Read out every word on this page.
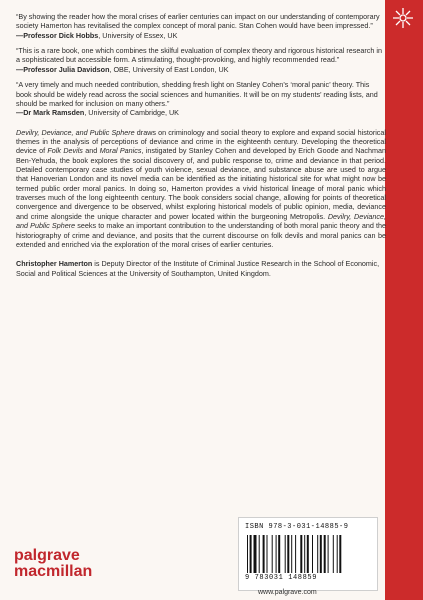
“By showing the reader how the moral crises of earlier centuries can impact on our understanding of contemporary society Hamerton has revitalised the complex concept of moral panic. Stan Cohen would have been impressed.”
—Professor Dick Hobbs, University of Essex, UK
“This is a rare book, one which combines the skilful evaluation of complex theory and rigorous historical research in a sophisticated but accessible form. A stimulating, thought-provoking, and highly recommended read.”
—Professor Julia Davidson, OBE, University of East London, UK
“A very timely and much needed contribution, shedding fresh light on Stanley Cohen’s ‘moral panic’ theory. This book should be widely read across the social sciences and humanities. It will be on my students’ reading lists, and should be marked for inclusion on many others.”
—Dr Mark Ramsden, University of Cambridge, UK
Devilry, Deviance, and Public Sphere draws on criminology and social theory to explore and expand social historical themes in the analysis of perceptions of deviance and crime in the eighteenth century. Developing the theoretical device of Folk Devils and Moral Panics, instigated by Stanley Cohen and developed by Erich Goode and Nachman Ben-Yehuda, the book explores the social discovery of, and public response to, crime and deviance in that period. Detailed contemporary case studies of youth violence, sexual deviance, and substance abuse are used to argue that Hanoverian London and its novel media can be identified as the initiating historical site for what might now be termed public order moral panics. In doing so, Hamerton provides a vivid historical lineage of moral panic which traverses much of the long eighteenth century. The book considers social change, allowing for points of theoretical convergence and divergence to be observed, whilst exploring historical models of public opinion, media, deviance and crime alongside the unique character and power located within the burgeoning Metropolis. Devilry, Deviance, and Public Sphere seeks to make an important contribution to the understanding of both moral panic theory and the historiography of crime and deviance, and posits that the current discourse on folk devils and moral panics can be extended and enriched via the exploration of the moral crises of earlier centuries.
Christopher Hamerton is Deputy Director of the Institute of Criminal Justice Research in the School of Economic, Social and Political Sciences at the University of Southampton, United Kingdom.
ISBN 978-3-031-14885-9
9 783031 148859
palgrave
macmillan
www.palgrave.com
